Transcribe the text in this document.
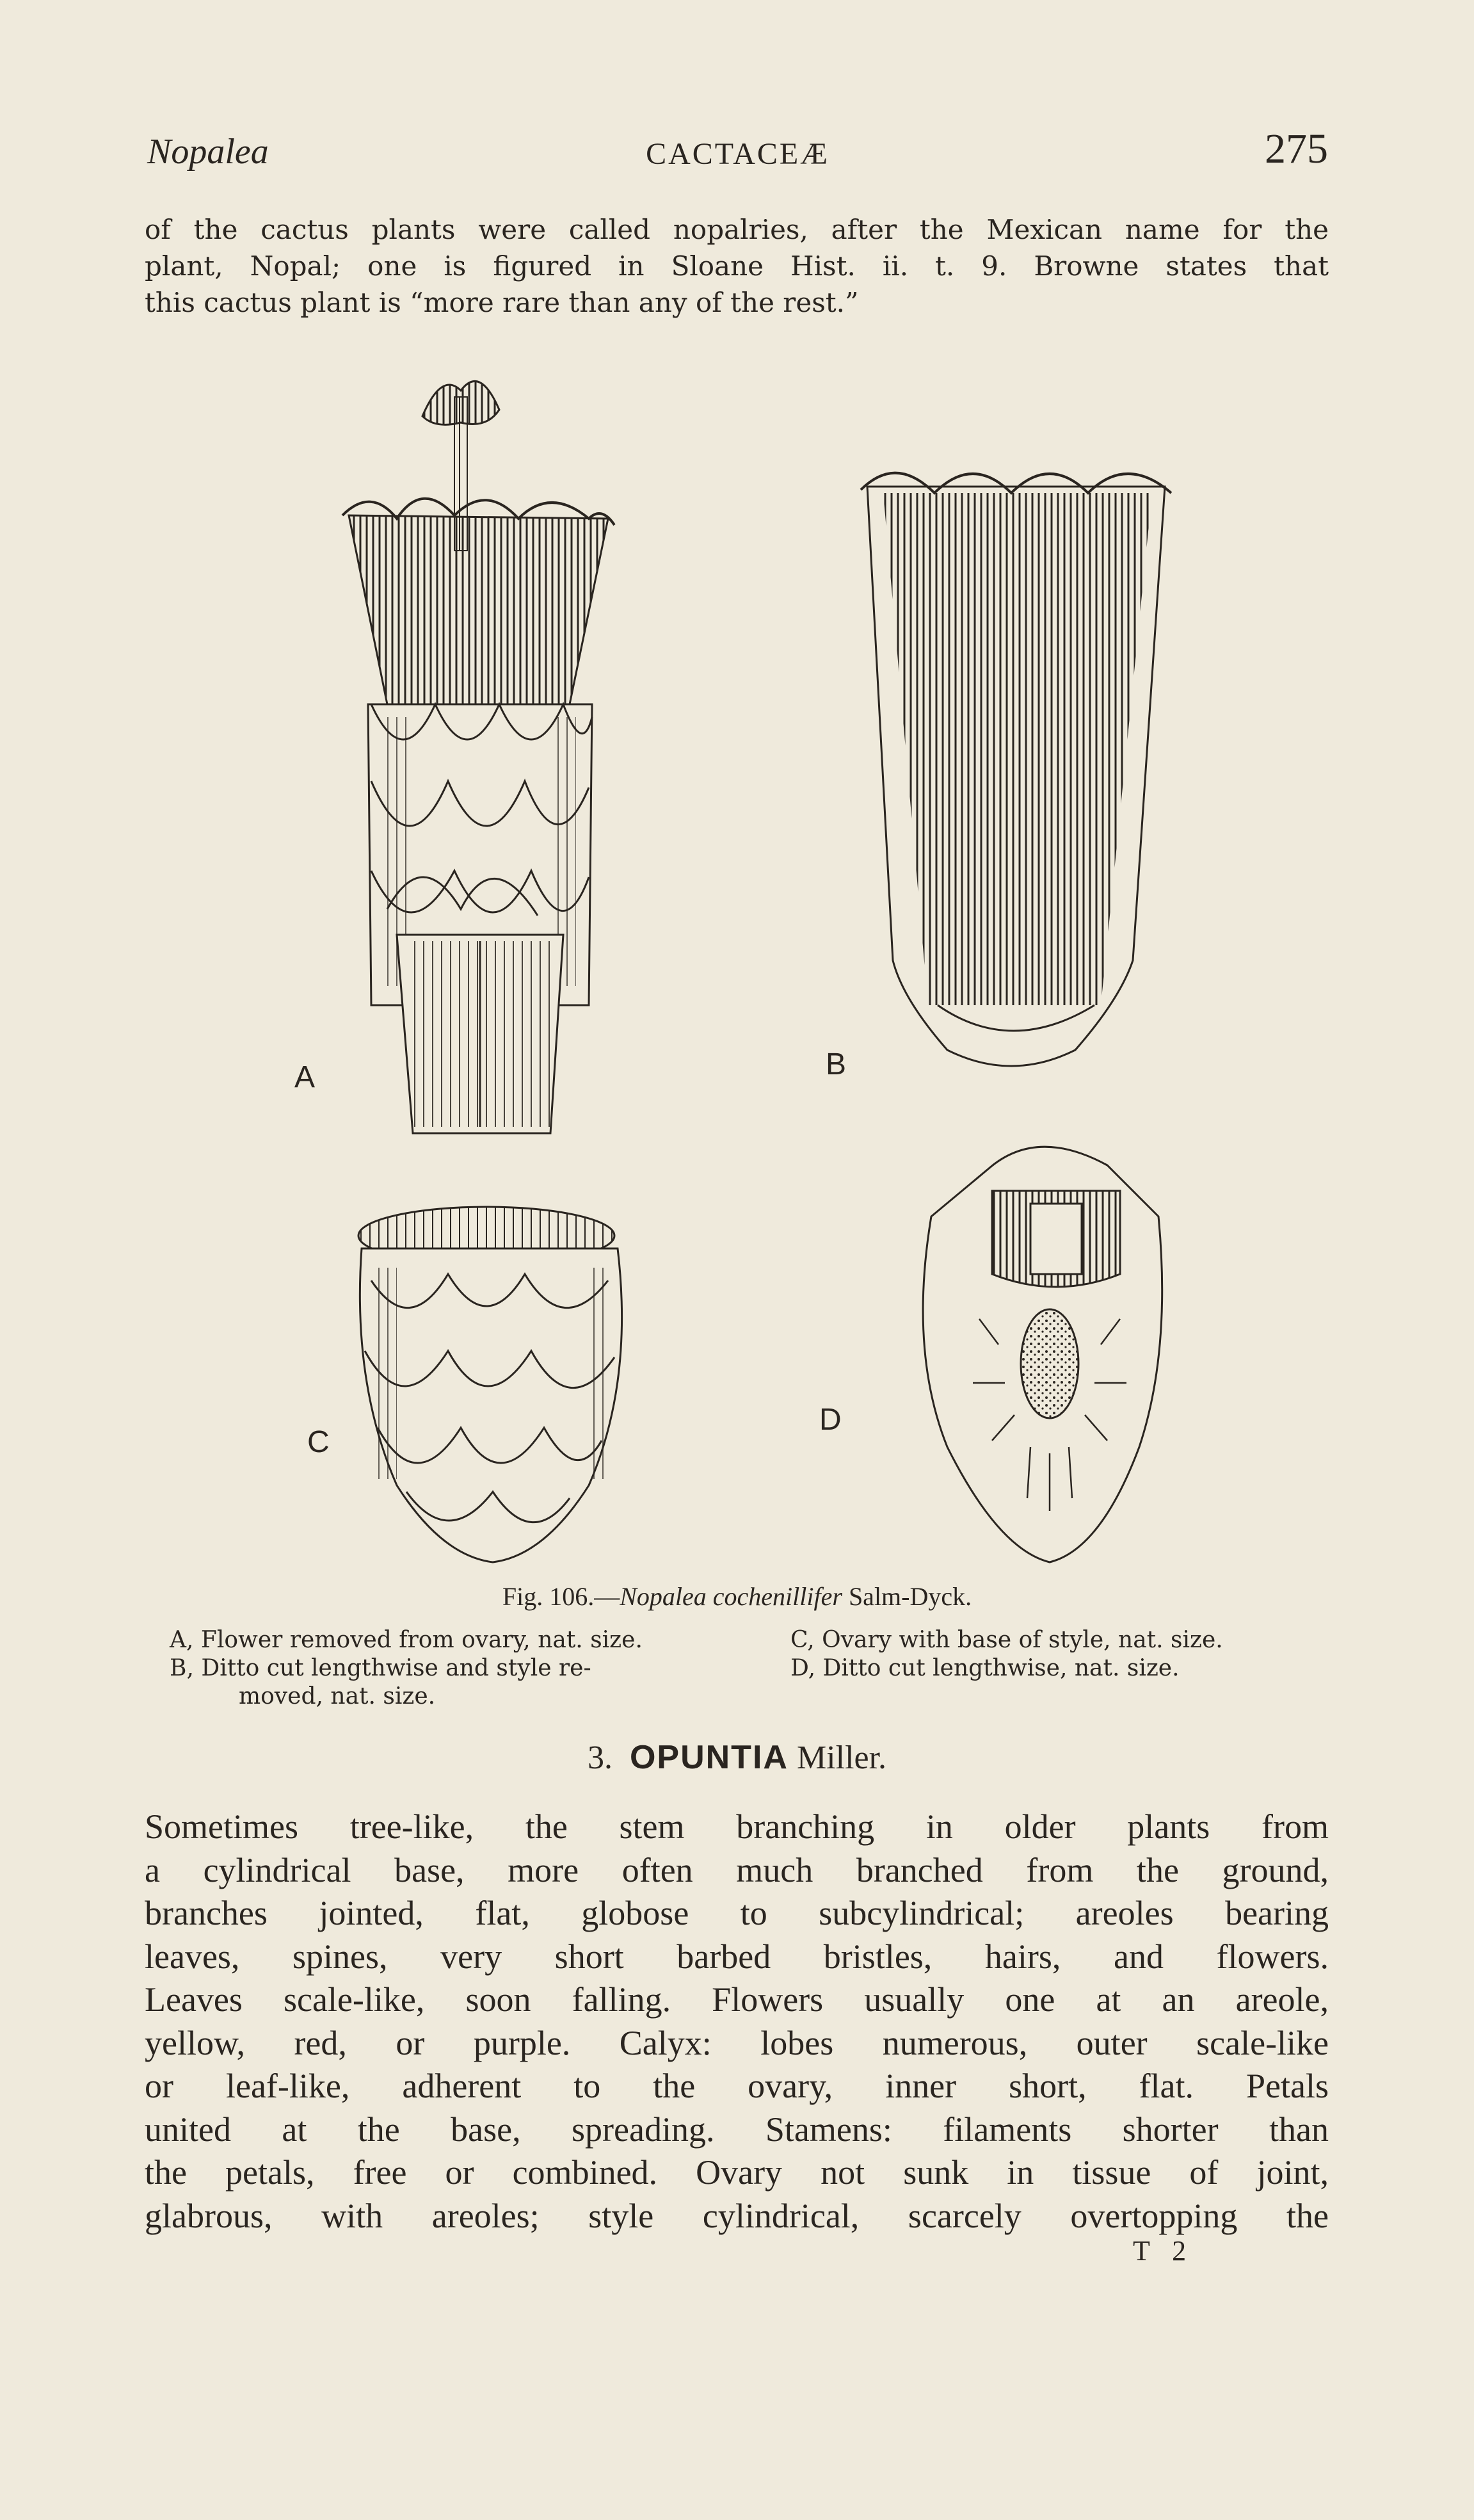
Nopalea	CACTACEÆ	275
of the cactus plants were called nopalries, after the Mexican name for the
plant, Nopal; one is figured in Sloane Hist. ii. t. 9. Browne states that
this cactus plant is “more rare than any of the rest.”
A	B
C
D
Fig. 106.—Nopalea cochenillifer Salm-Dyck.
A, Flower removed from ovary, nat. size.
B, Ditto cut lengthwise and style re-
moved, nat. size.
C, Ovary with base of style, nat. size.
D, Ditto cut lengthwise, nat. size.
3. OPUNTIA Miller.
Sometimes tree-like, the stem branching in older plants from
a cylindrical base, more often much branched from the ground,
branches jointed, flat, globose to subcylindrical; areoles bearing
leaves, spines, very short barbed bristles, hairs, and flowers.
Leaves scale-like, soon falling. Flowers usually one at an areole,
yellow, red, or purple. Calyx: lobes numerous, outer scale-like
or leaf-like, adherent to the ovary, inner short, flat. Petals
united at the base, spreading. Stamens: filaments shorter than
the petals, free or combined. Ovary not sunk in tissue of joint,
glabrous, with areoles; style cylindrical, scarcely overtopping the
T 2
